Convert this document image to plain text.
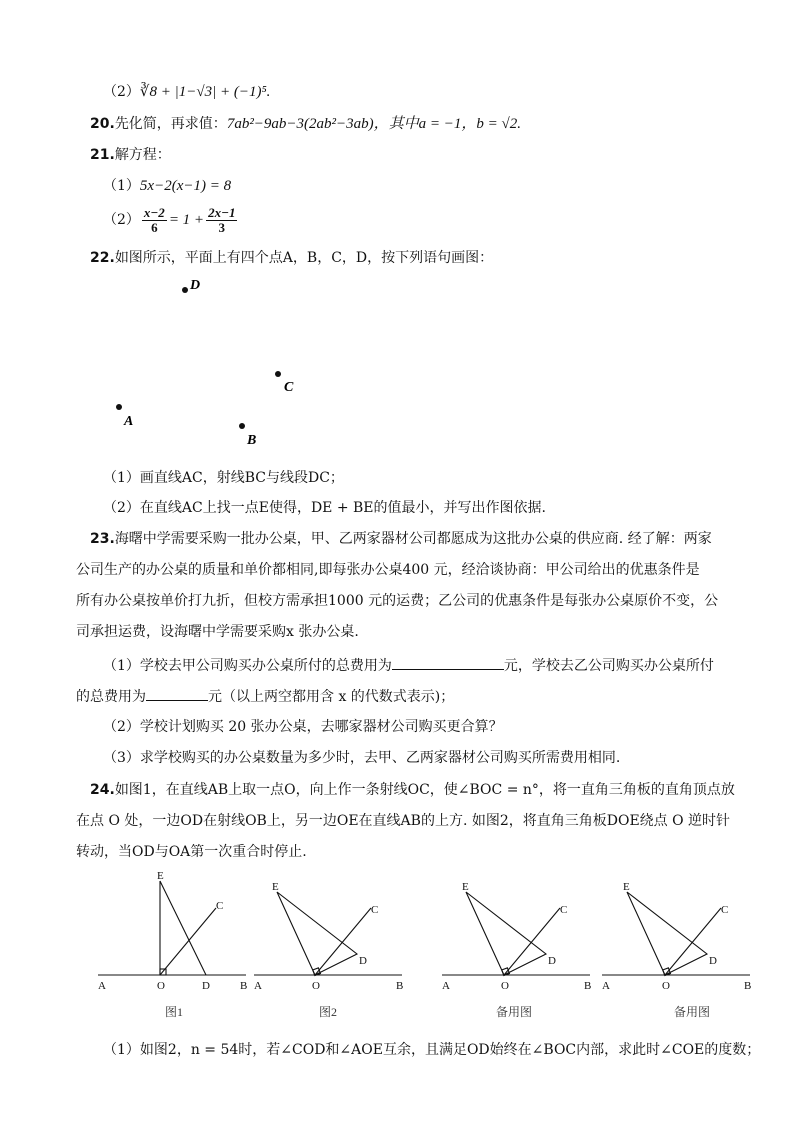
（2）∛8 + |1−√3| + (−1)⁵.
20.先化简，再求值：7ab²−9ab−3(2ab²−3ab)，其中a = −1，b = √2.
21.解方程：
（1）5x−2(x−1) = 8
$(2) \frac{x-2}{6} = 1 + \frac{2x-1}{3}$
22.如图所示，平面上有四个点A，B，C，D，按下列语句画图：
D
C
A
B
（1）画直线AC，射线BC与线段DC；
（2）在直线AC上找一点E使得，DE + BE的值最小，并写出作图依据.
23.海曙中学需要采购一批办公桌，甲、乙两家器材公司都愿成为这批办公桌的供应商. 经了解：两家
公司生产的办公桌的质量和单价都相同,即每张办公桌400 元，经洽谈协商：甲公司给出的优惠条件是
所有办公桌按单价打九折，但校方需承担1000 元的运费；乙公司的优惠条件是每张办公桌原价不变，公
司承担运费，设海曙中学需要采购x 张办公桌.
（1）学校去甲公司购买办公桌所付的总费用为	元，学校去乙公司购买办公桌所付
的总费用为	元（以上两空都用含 x 的代数式表示)；
（2）学校计划购买 20 张办公桌，去哪家器材公司购买更合算？
（3）求学校购买的办公桌数量为多少时，去甲、乙两家器材公司购买所需费用相同.
24.如图1，在直线AB上取一点O，向上作一条射线OC，使∠BOC = n°，将一直角三角板的直角顶点放
在点 O 处，一边OD在射线OB上，另一边OE在直线AB的上方. 如图2，将直角三角板DOE绕点 O 逆时针
转动，当OD与OA第一次重合时停止.
A	O	D	B
E
C
A	O	B
E
D
C
A	O	B
E
D
C
A	O	B
E
D
C
图1	图2	备用图	备用图
（1）如图2，n = 54时，若∠COD和∠AOE互余，且满足OD始终在∠BOC内部，求此时∠COE的度数；
